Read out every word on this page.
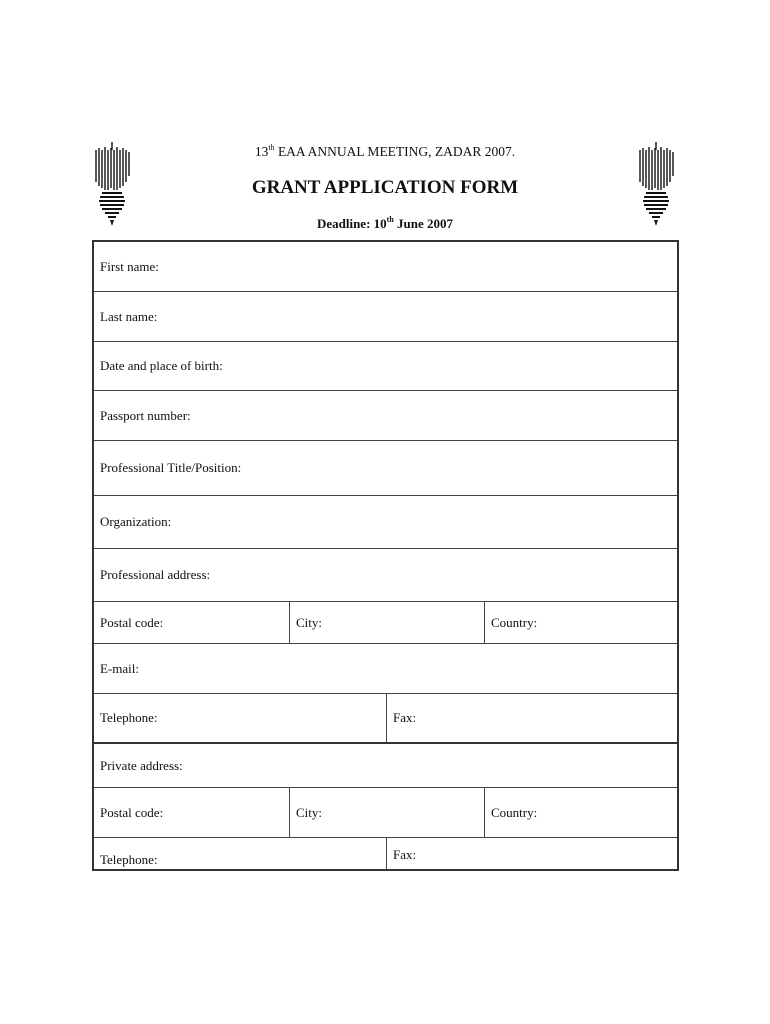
13th EAA ANNUAL MEETING, ZADAR 2007.
GRANT APPLICATION FORM
Deadline: 10th June 2007
First name:
Last name:
Date and place of birth:
Passport number:
Professional Title/Position:
Organization:
Professional address:
Postal code:	City:	Country:
E-mail:
Telephone:	Fax:
Private address:
Postal code:	City:	Country:
Telephone:	Fax:
